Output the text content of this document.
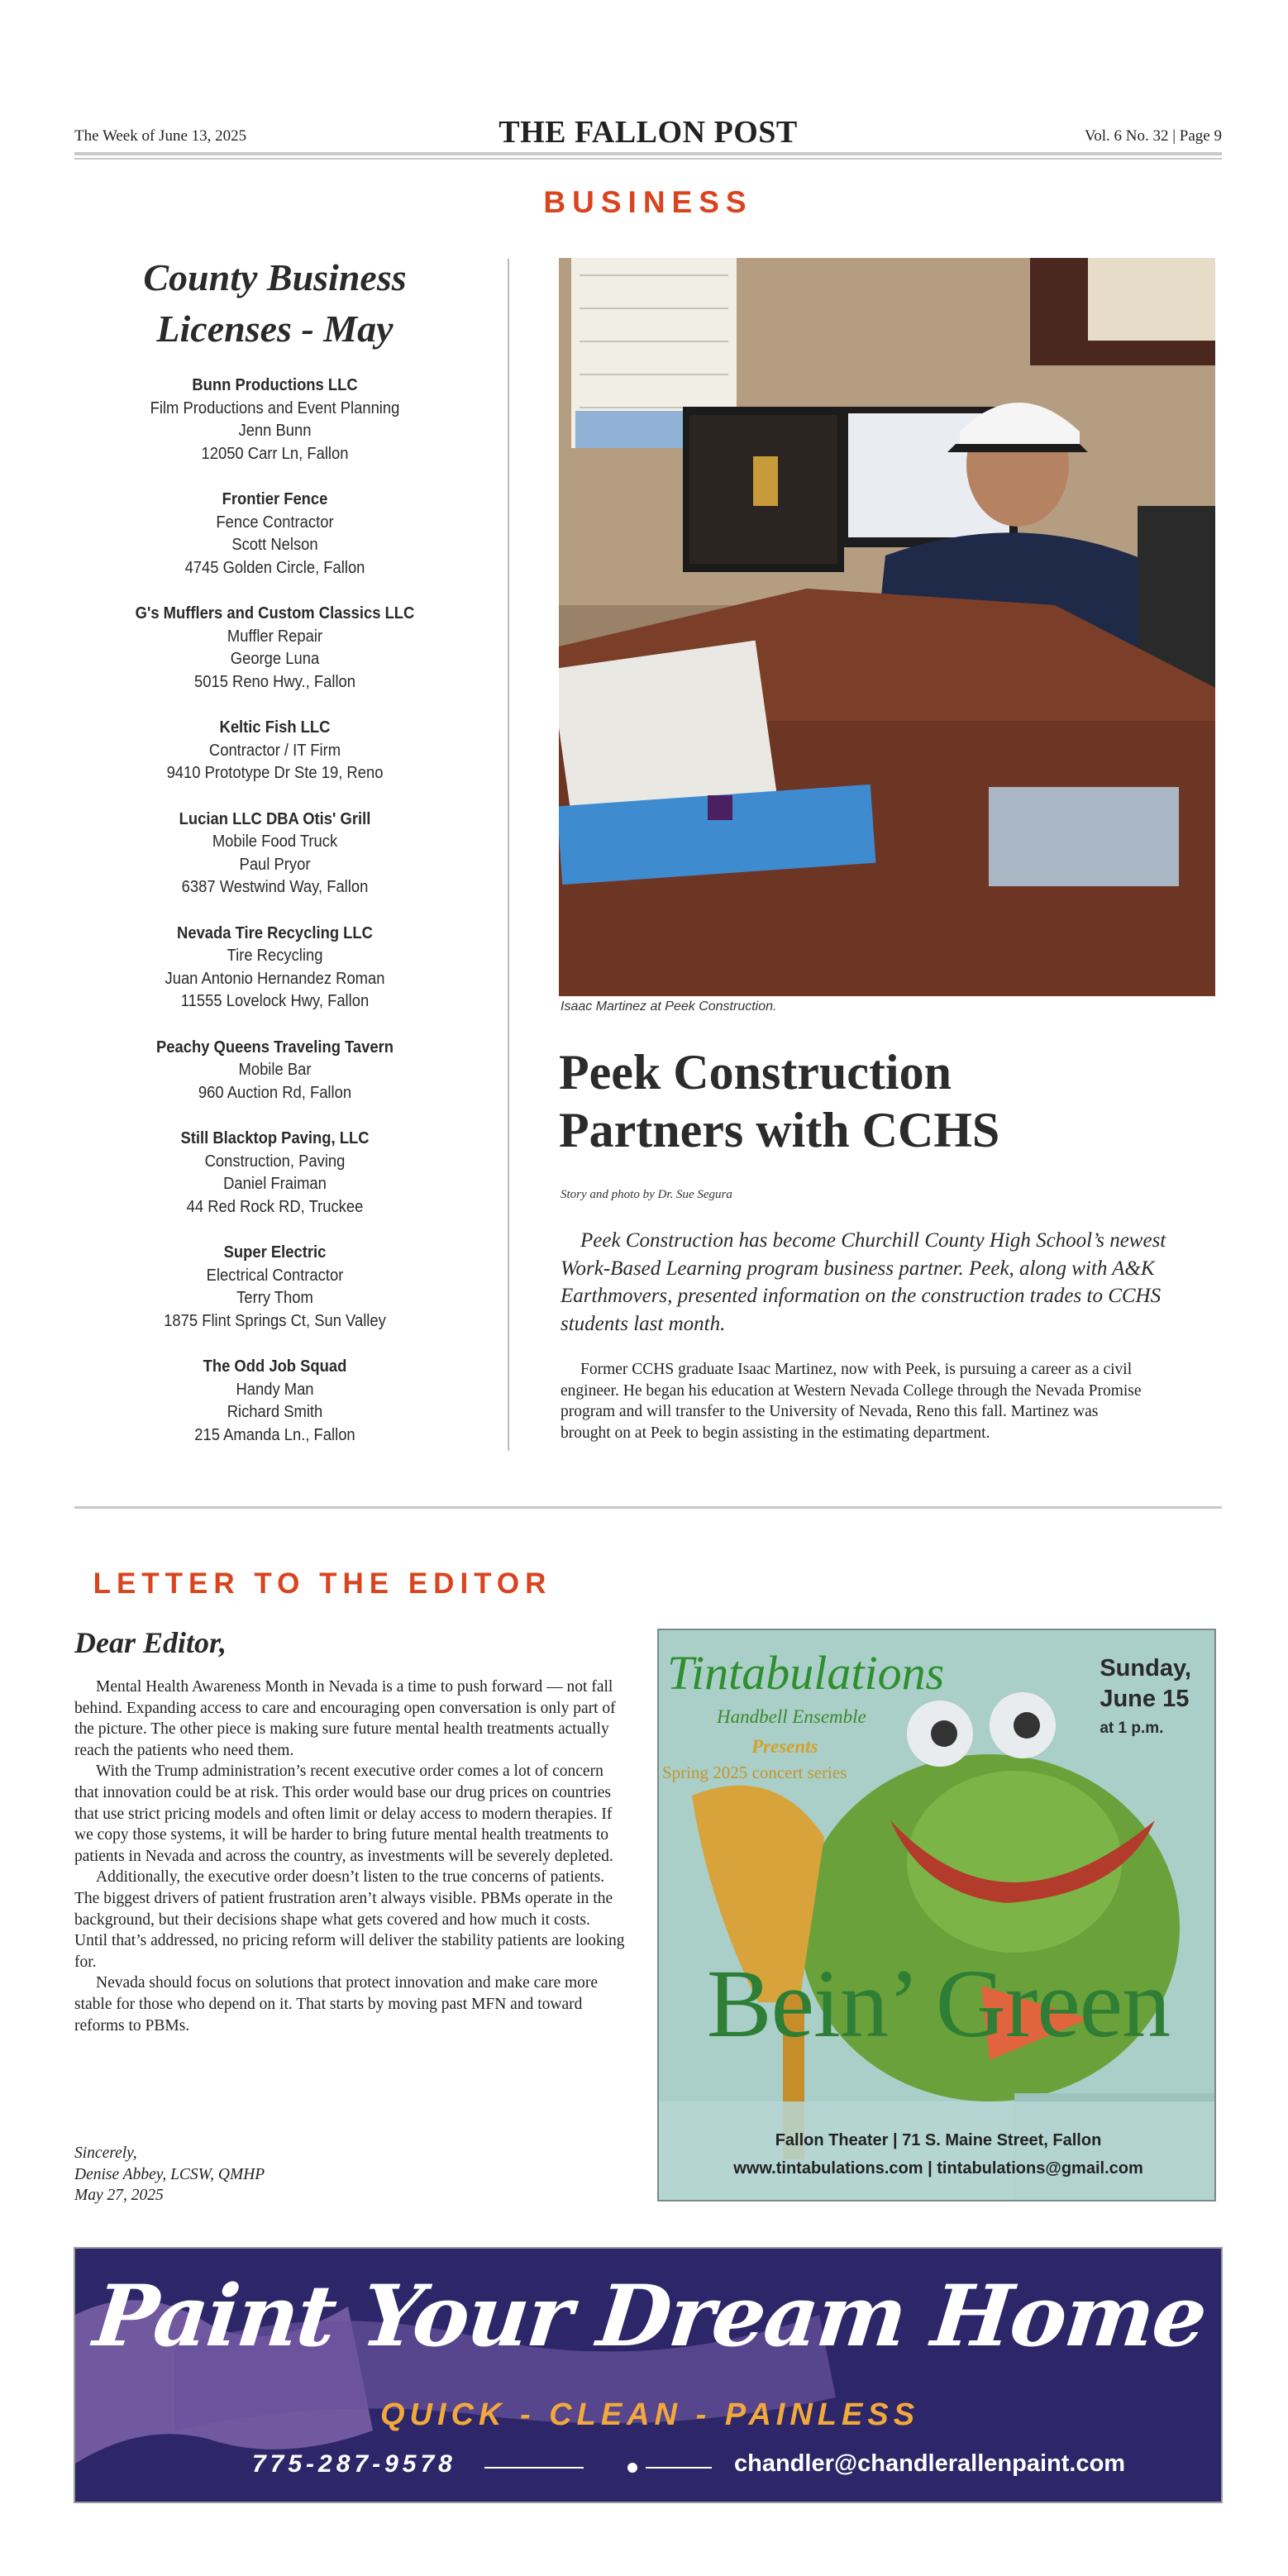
The Week of June 13, 2025	THE FALLON POST	Vol. 6 No. 32 | Page 9
BUSINESS
County Business
Licenses - May
Bunn Productions LLC
Film Productions and Event Planning
Jenn Bunn
12050 Carr Ln, Fallon
Frontier Fence
Fence Contractor
Scott Nelson
4745 Golden Circle, Fallon
G's Mufflers and Custom Classics LLC
Muffler Repair
George Luna
5015 Reno Hwy., Fallon
Keltic Fish LLC
Contractor / IT Firm
9410 Prototype Dr Ste 19, Reno
Lucian LLC DBA Otis' Grill
Mobile Food Truck
Paul Pryor
6387 Westwind Way, Fallon
Nevada Tire Recycling LLC
Tire Recycling
Juan Antonio Hernandez Roman
11555 Lovelock Hwy, Fallon
Peachy Queens Traveling Tavern
Mobile Bar
960 Auction Rd, Fallon
Still Blacktop Paving, LLC
Construction, Paving
Daniel Fraiman
44 Red Rock RD, Truckee
Super Electric
Electrical Contractor
Terry Thom
1875 Flint Springs Ct, Sun Valley
The Odd Job Squad
Handy Man
Richard Smith
215 Amanda Ln., Fallon
Isaac Martinez at Peek Construction.
Peek Construction
Partners with CCHS
Story and photo by Dr. Sue Segura

Peek Construction has become Churchill County High School’s newest Work-Based Learning program business partner. Peek, along with A&K Earthmovers, presented information on the construction trades to CCHS students last month.

Former CCHS graduate Isaac Martinez, now with Peek, is pursuing a career as a civil engineer. He began his education at Western Nevada College through the Nevada Promise program and will transfer to the University of Nevada, Reno this fall. Martinez was brought on at Peek to begin assisting in the estimating department.

LETTER TO THE EDITOR
Dear Editor,

Mental Health Awareness Month in Nevada is a time to push forward — not fall behind. Expanding access to care and encouraging open conversation is only part of the picture. The other piece is making sure future mental health treatments actually reach the patients who need them.

With the Trump administration’s recent executive order comes a lot of concern that innovation could be at risk. This order would base our drug prices on countries that use strict pricing models and often limit or delay access to modern therapies. If we copy those systems, it will be harder to bring future mental health treatments to patients in Nevada and across the country, as investments will be severely depleted.

Additionally, the executive order doesn’t listen to the true concerns of patients. The biggest drivers of patient frustration aren’t always visible. PBMs operate in the background, but their decisions shape what gets covered and how much it costs. Until that’s addressed, no pricing reform will deliver the stability patients are looking for.

Nevada should focus on solutions that protect innovation and make care more stable for those who depend on it. That starts by moving past MFN and toward reforms to PBMs.

Sincerely,
Denise Abbey, LCSW, QMHP
May 27, 2025
Tintabulations
Handbell Ensemble
Presents
Spring 2025 concert series
Sunday,
June 15
at 1 p.m.
Bein’ Green
Fallon Theater | 71 S. Maine Street, Fallon
www.tintabulations.com | tintabulations@gmail.com
Paint Your Dream Home
QUICK - CLEAN - PAINLESS
775-287-9578	chandler@chandlerallenpaint.com
